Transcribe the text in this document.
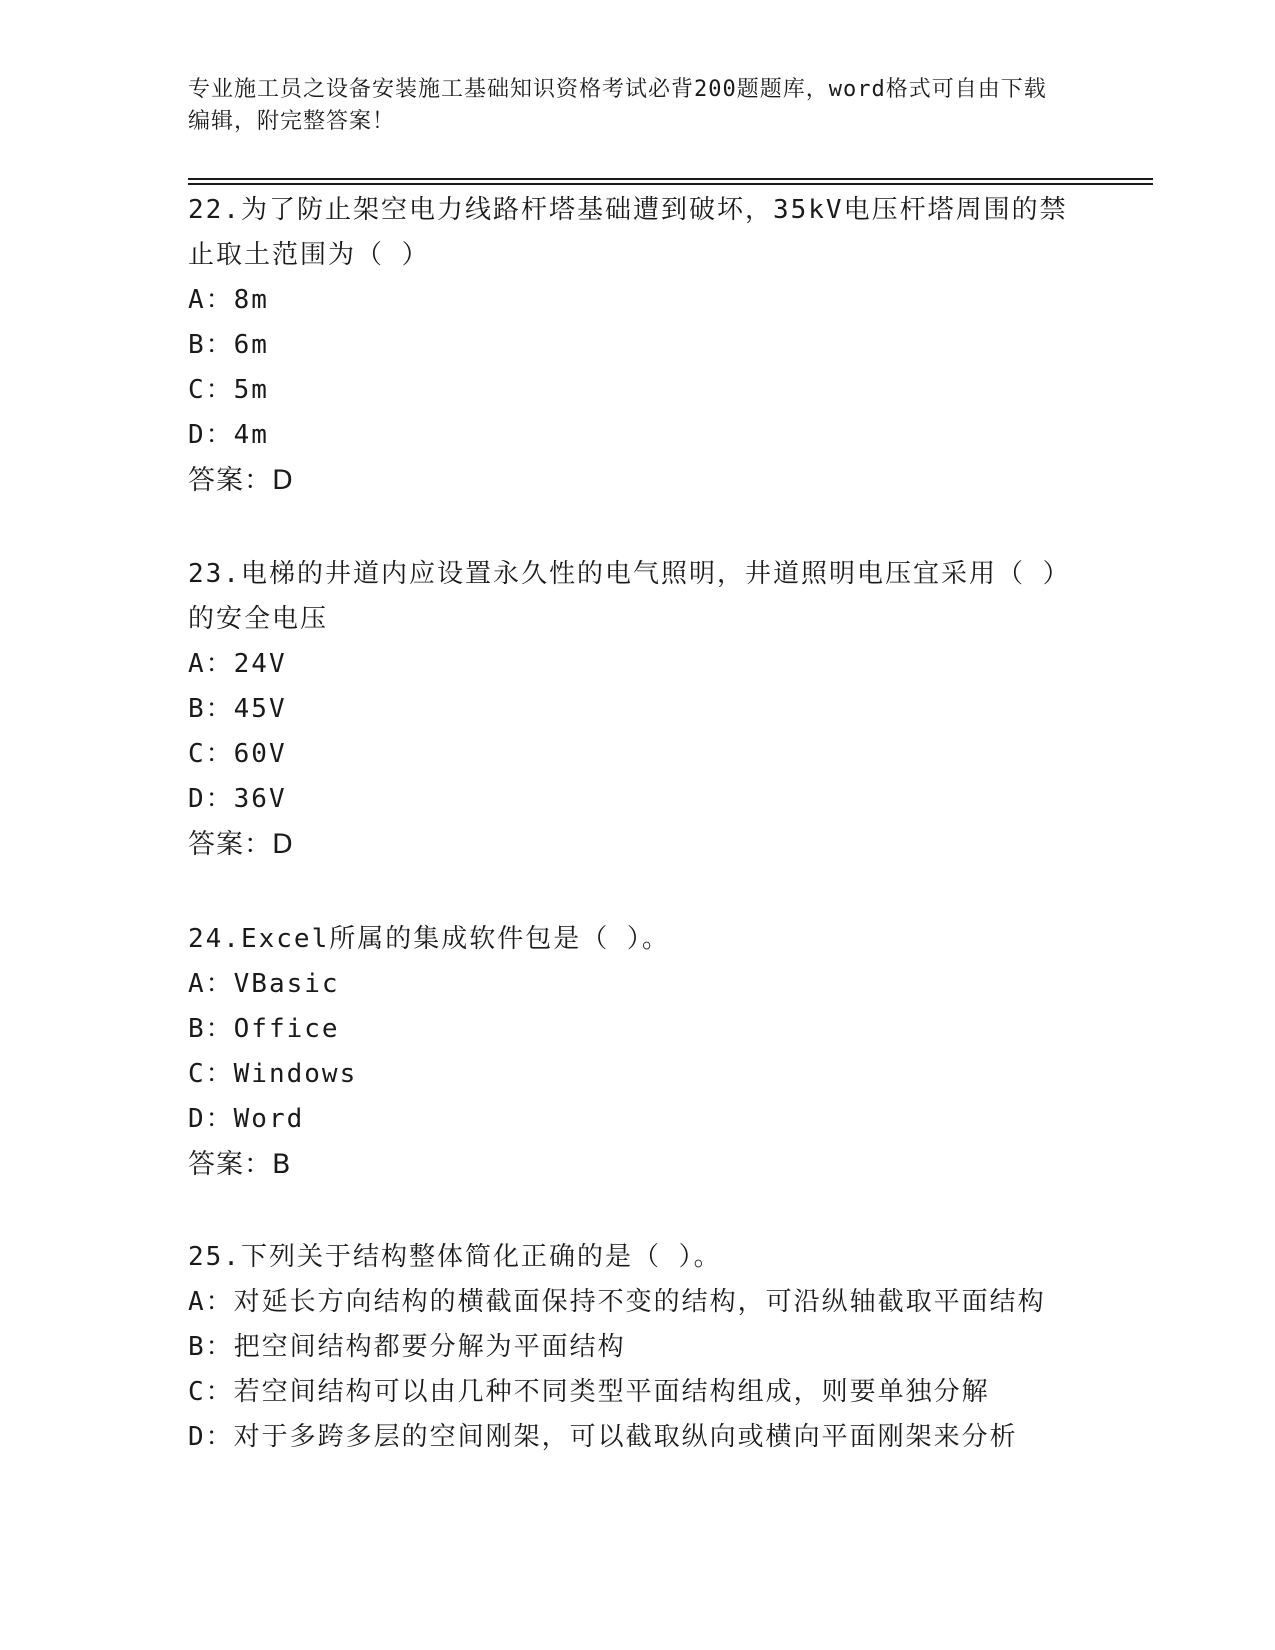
专业施工员之设备安装施工基础知识资格考试必背200题题库，word格式可自由下载编辑，附完整答案！

22.为了防止架空电力线路杆塔基础遭到破坏，35kV电压杆塔周围的禁止取土范围为（ ）

A：8m

B：6m

C：5m

D：4m

答案：D

23.电梯的井道内应设置永久性的电气照明，井道照明电压宜采用（ ）的安全电压

A：24V

B：45V

C：60V

D：36V

答案：D

24.Excel所属的集成软件包是（ ）。

A：VBasic

B：Office

C：Windows

D：Word

答案：B

25.下列关于结构整体简化正确的是（ ）。

A：对延长方向结构的横截面保持不变的结构，可沿纵轴截取平面结构

B：把空间结构都要分解为平面结构

C：若空间结构可以由几种不同类型平面结构组成，则要单独分解

D：对于多跨多层的空间刚架，可以截取纵向或横向平面刚架来分析
